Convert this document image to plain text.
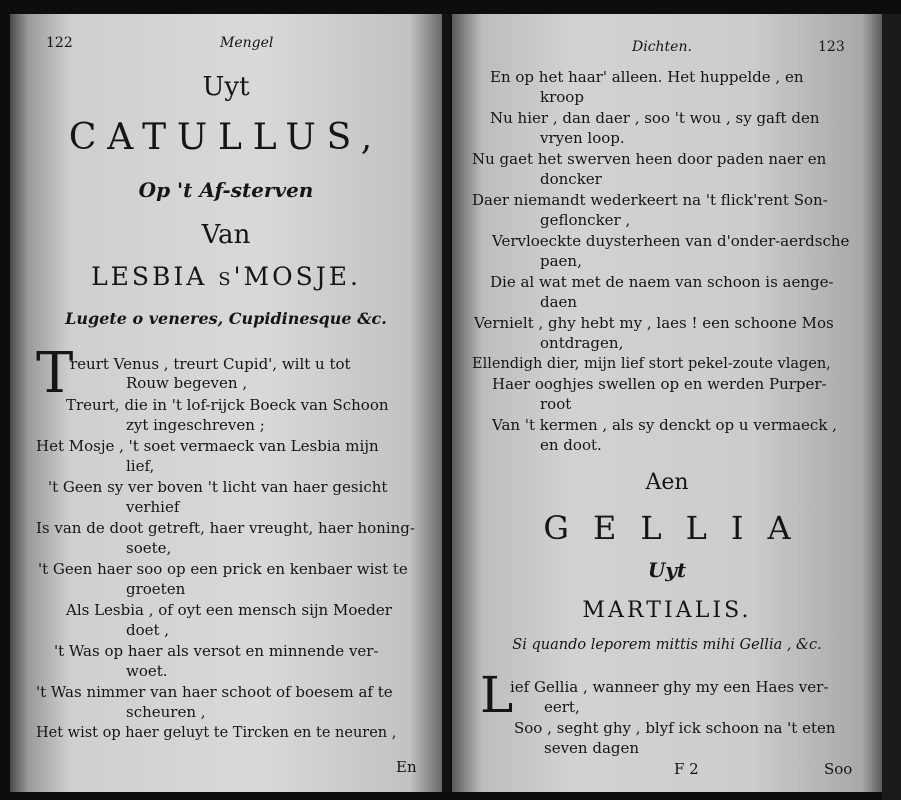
122	Mengel
Uyt
CATULLUS,
Op 't Af-sterven
Van
LESBIA s'MOSJE.
Lugete o veneres, Cupidinesque &c.
T
reurt Venus , treurt Cupid', wilt u tot
Rouw begeven ,
Treurt, die in 't lof-rijck Boeck van Schoon
zyt ingeschreven ;
Het Mosje , 't soet vermaeck van Lesbia mijn
lief,
't Geen sy ver boven 't licht van haer gesicht
verhief
Is van de doot getreft, haer vreught, haer honing-
soete,
't Geen haer soo op een prick en kenbaer wist te
groeten
Als Lesbia , of oyt een mensch sijn Moeder
doet ,
't Was op haer als versot en minnende ver-
woet.
't Was nimmer van haer schoot of boesem af te
scheuren ,
Het wist op haer geluyt te Tircken en te neuren ,
En
Dichten.	123
En op het haar' alleen. Het huppelde , en
kroop
Nu hier , dan daer , soo 't wou , sy gaft den
vryen loop.
Nu gaet het swerven heen door paden naer en
doncker
Daer niemandt wederkeert na 't flick'rent Son-
geflоncker ,
Vervloeckte duysterheen van d'onder-aerdsche
paen,
Die al wat met de naem van schoon is aenge-
daen
Vernielt , ghy hebt my , laes ! een schoone Mos
ontdragen,
Ellendigh dier, mijn lief stort pekel-zoute vlagen,
Haer ooghjes swellen op en werden Purper-
root
Van 't kermen , als sy denckt op u vermaeck ,
en doot.
Aen
GELLIA
Uyt
MARTIALIS.
Si quando leporem mittis mihi Gellia , &c.
L
ief Gellia , wanneer ghy my een Haes ver-
eert,
Soo , seght ghy , blyf ick schoon na 't eten
seven dagen
F 2	Soo
